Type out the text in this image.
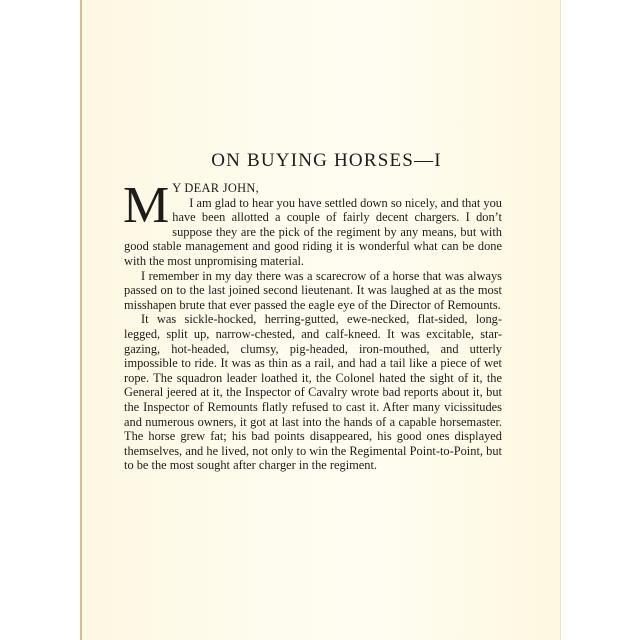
ON BUYING HORSES—I

M Y DEAR JOHN,
I am glad to hear you have settled down so nicely, and that you have been allotted a couple of fairly decent chargers. I don’t suppose they are the pick of the regiment by any means, but with good stable management and good riding it is wonderful what can be done with the most unpromising material.

I remember in my day there was a scarecrow of a horse that was always passed on to the last joined second lieutenant. It was laughed at as the most misshapen brute that ever passed the eagle eye of the Director of Remounts.

It was sickle-hocked, herring-gutted, ewe-necked, flat-sided, long-legged, split up, narrow-chested, and calf-kneed. It was excitable, star-gazing, hot-headed, clumsy, pig-headed, iron-mouthed, and utterly impossible to ride. It was as thin as a rail, and had a tail like a piece of wet rope. The squadron leader loathed it, the Colonel hated the sight of it, the General jeered at it, the Inspector of Cavalry wrote bad reports about it, but the Inspector of Remounts flatly refused to cast it. After many vicissitudes and numerous owners, it got at last into the hands of a capable horsemaster. The horse grew fat; his bad points disappeared, his good ones displayed themselves, and he lived, not only to win the Regimental Point-to-Point, but to be the most sought after charger in the regiment.
